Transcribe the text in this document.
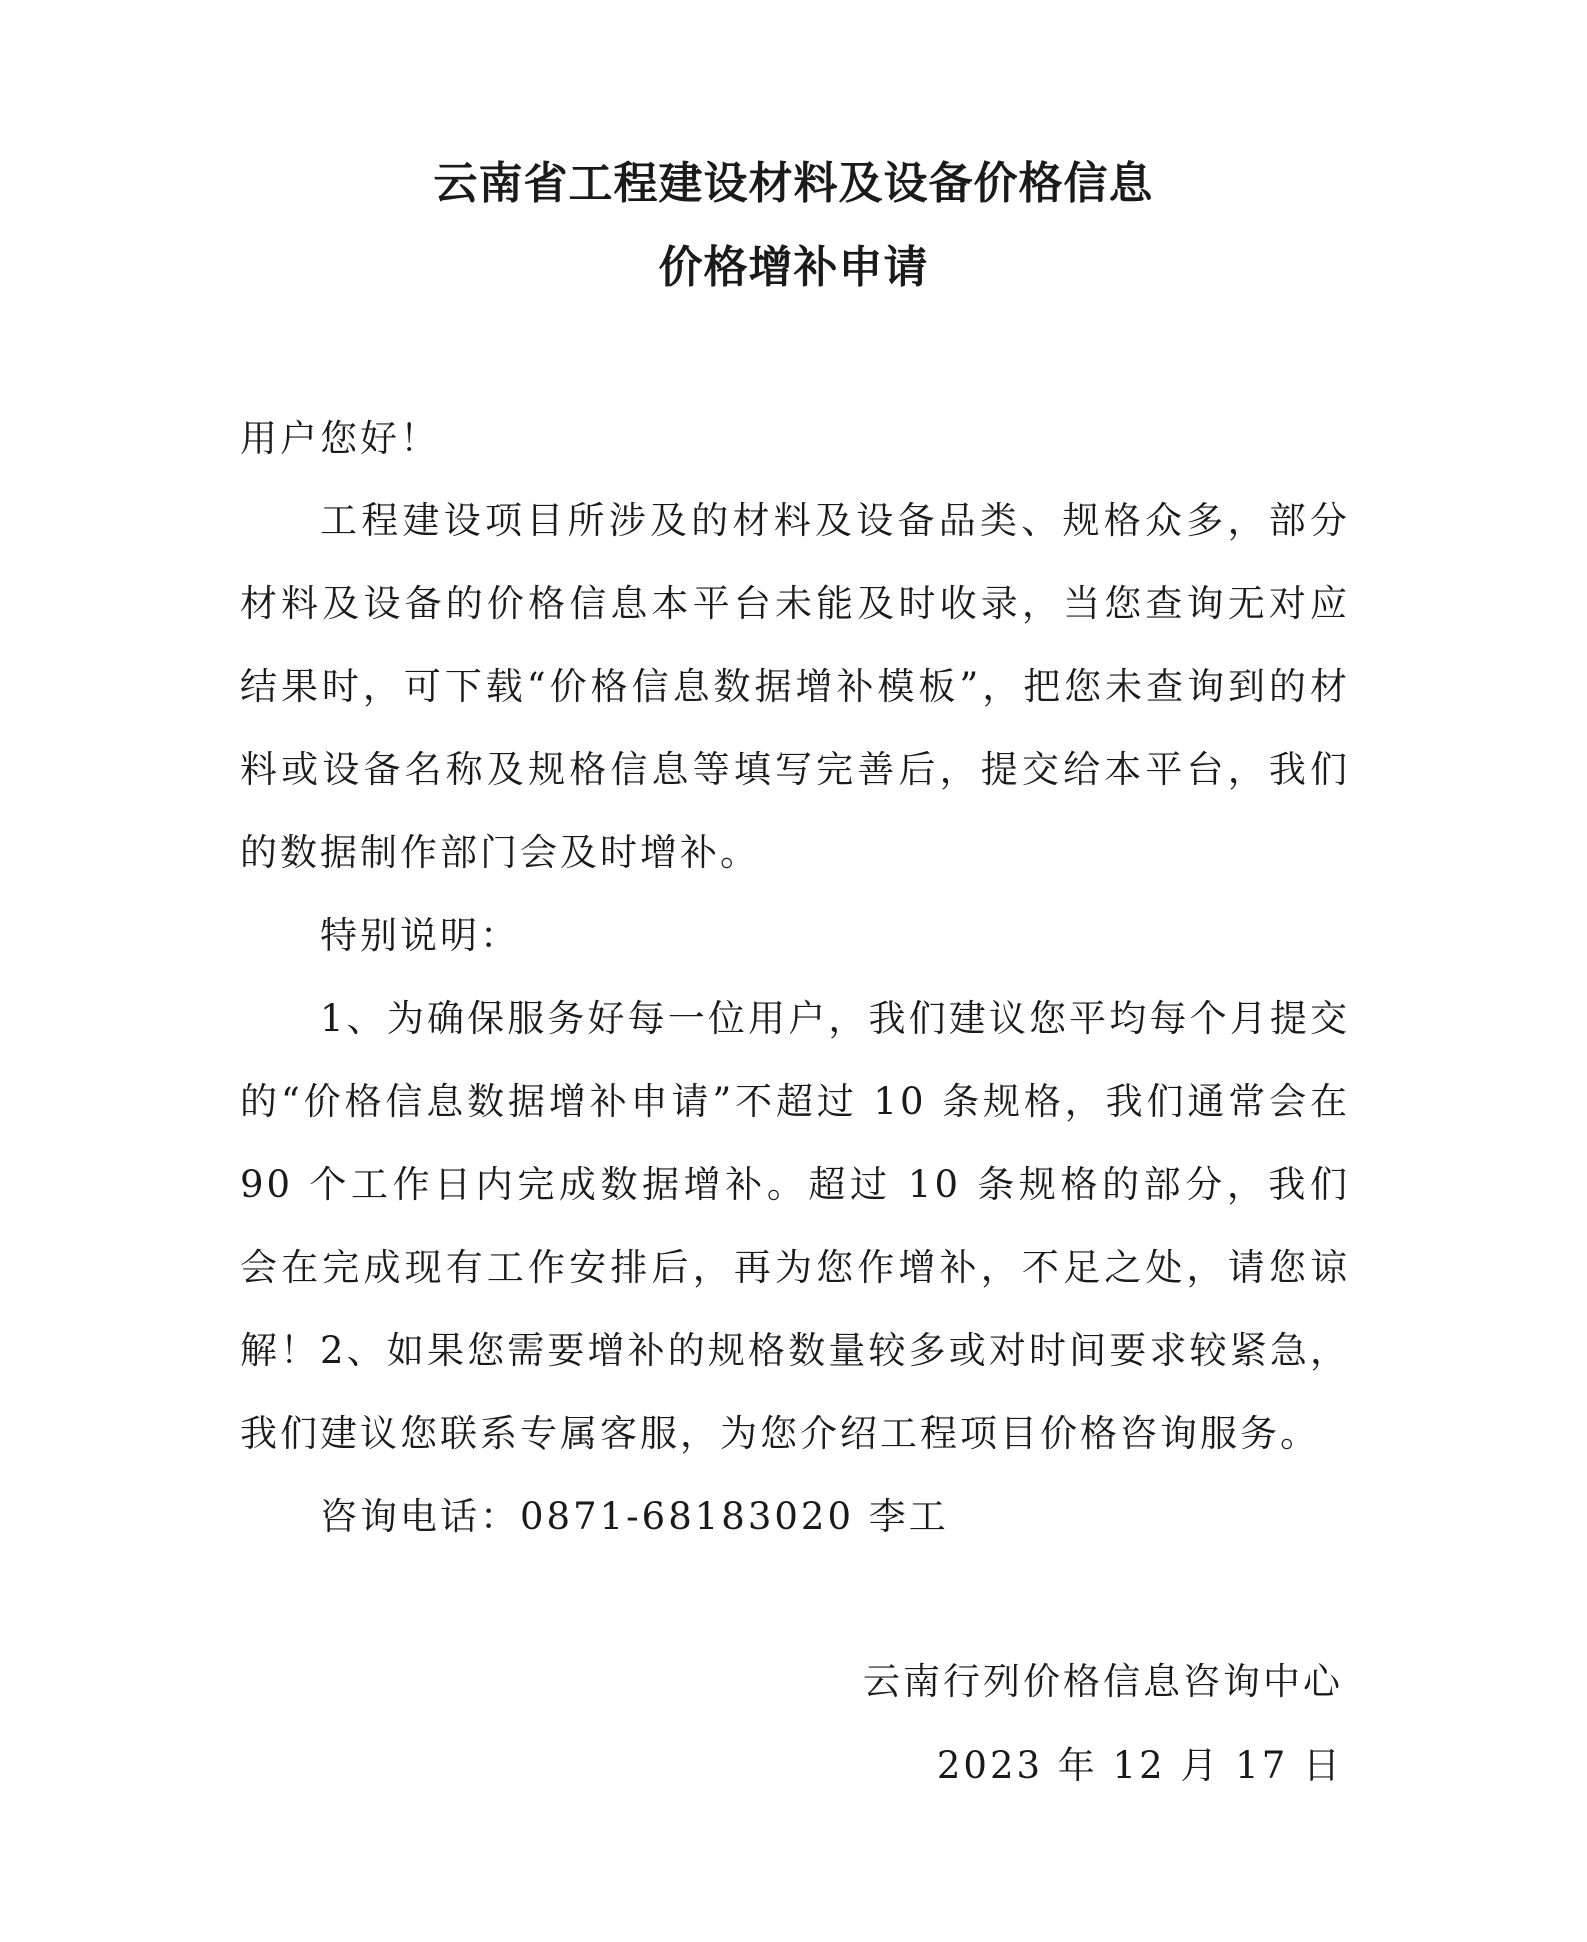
云南省工程建设材料及设备价格信息
价格增补申请
用户您好！
工程建设项目所涉及的材料及设备品类、规格众多，部分材料及设备的价格信息本平台未能及时收录，当您查询无对应结果时，可下载“价格信息数据增补模板”，把您未查询到的材料或设备名称及规格信息等填写完善后，提交给本平台，我们的数据制作部门会及时增补。
特别说明：
1、为确保服务好每一位用户，我们建议您平均每个月提交的“价格信息数据增补申请”不超过 10 条规格，我们通常会在 90 个工作日内完成数据增补。超过 10 条规格的部分，我们会在完成现有工作安排后，再为您作增补，不足之处，请您谅解！ 2、如果您需要增补的规格数量较多或对时间要求较紧急，我们建议您联系专属客服，为您介绍工程项目价格咨询服务。
咨询电话：0871-68183020 李工
云南行列价格信息咨询中心
2023 年 12 月 17 日
